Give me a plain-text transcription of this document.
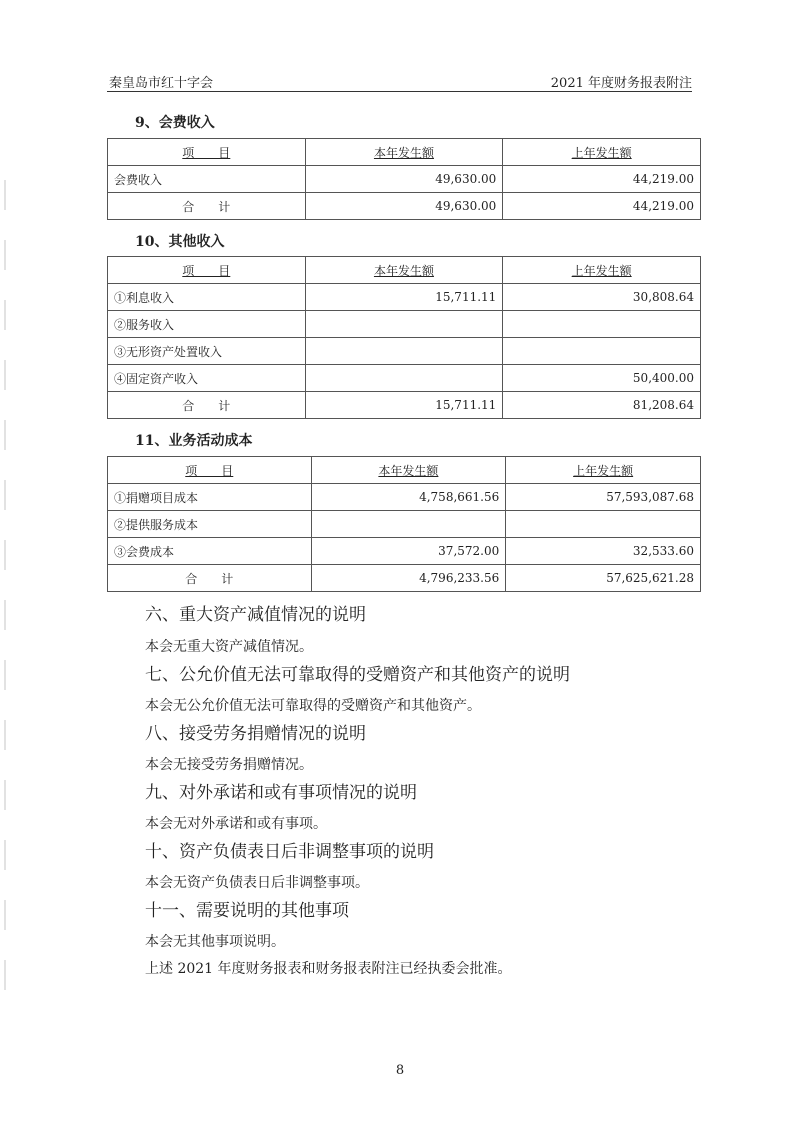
秦皇岛市红十字会	2021 年度财务报表附注
9、会费收入
项　　目	本年发生额	上年发生额
会费收入	49,630.00	44,219.00
合　　计	49,630.00	44,219.00
10、其他收入
项　　目	本年发生额	上年发生额
①利息收入	15,711.11	30,808.64
②服务收入		
③无形资产处置收入		
④固定资产收入		50,400.00
合　　计	15,711.11	81,208.64
11、业务活动成本
项　　目	本年发生额	上年发生额
①捐赠项目成本	4,758,661.56	57,593,087.68
②提供服务成本		
③会费成本	37,572.00	32,533.60
合　　计	4,796,233.56	57,625,621.28
六、重大资产减值情况的说明
本会无重大资产减值情况。
七、公允价值无法可靠取得的受赠资产和其他资产的说明
本会无公允价值无法可靠取得的受赠资产和其他资产。
八、接受劳务捐赠情况的说明
本会无接受劳务捐赠情况。
九、对外承诺和或有事项情况的说明
本会无对外承诺和或有事项。
十、资产负债表日后非调整事项的说明
本会无资产负债表日后非调整事项。
十一、需要说明的其他事项
本会无其他事项说明。
上述 2021 年度财务报表和财务报表附注已经执委会批准。
8
